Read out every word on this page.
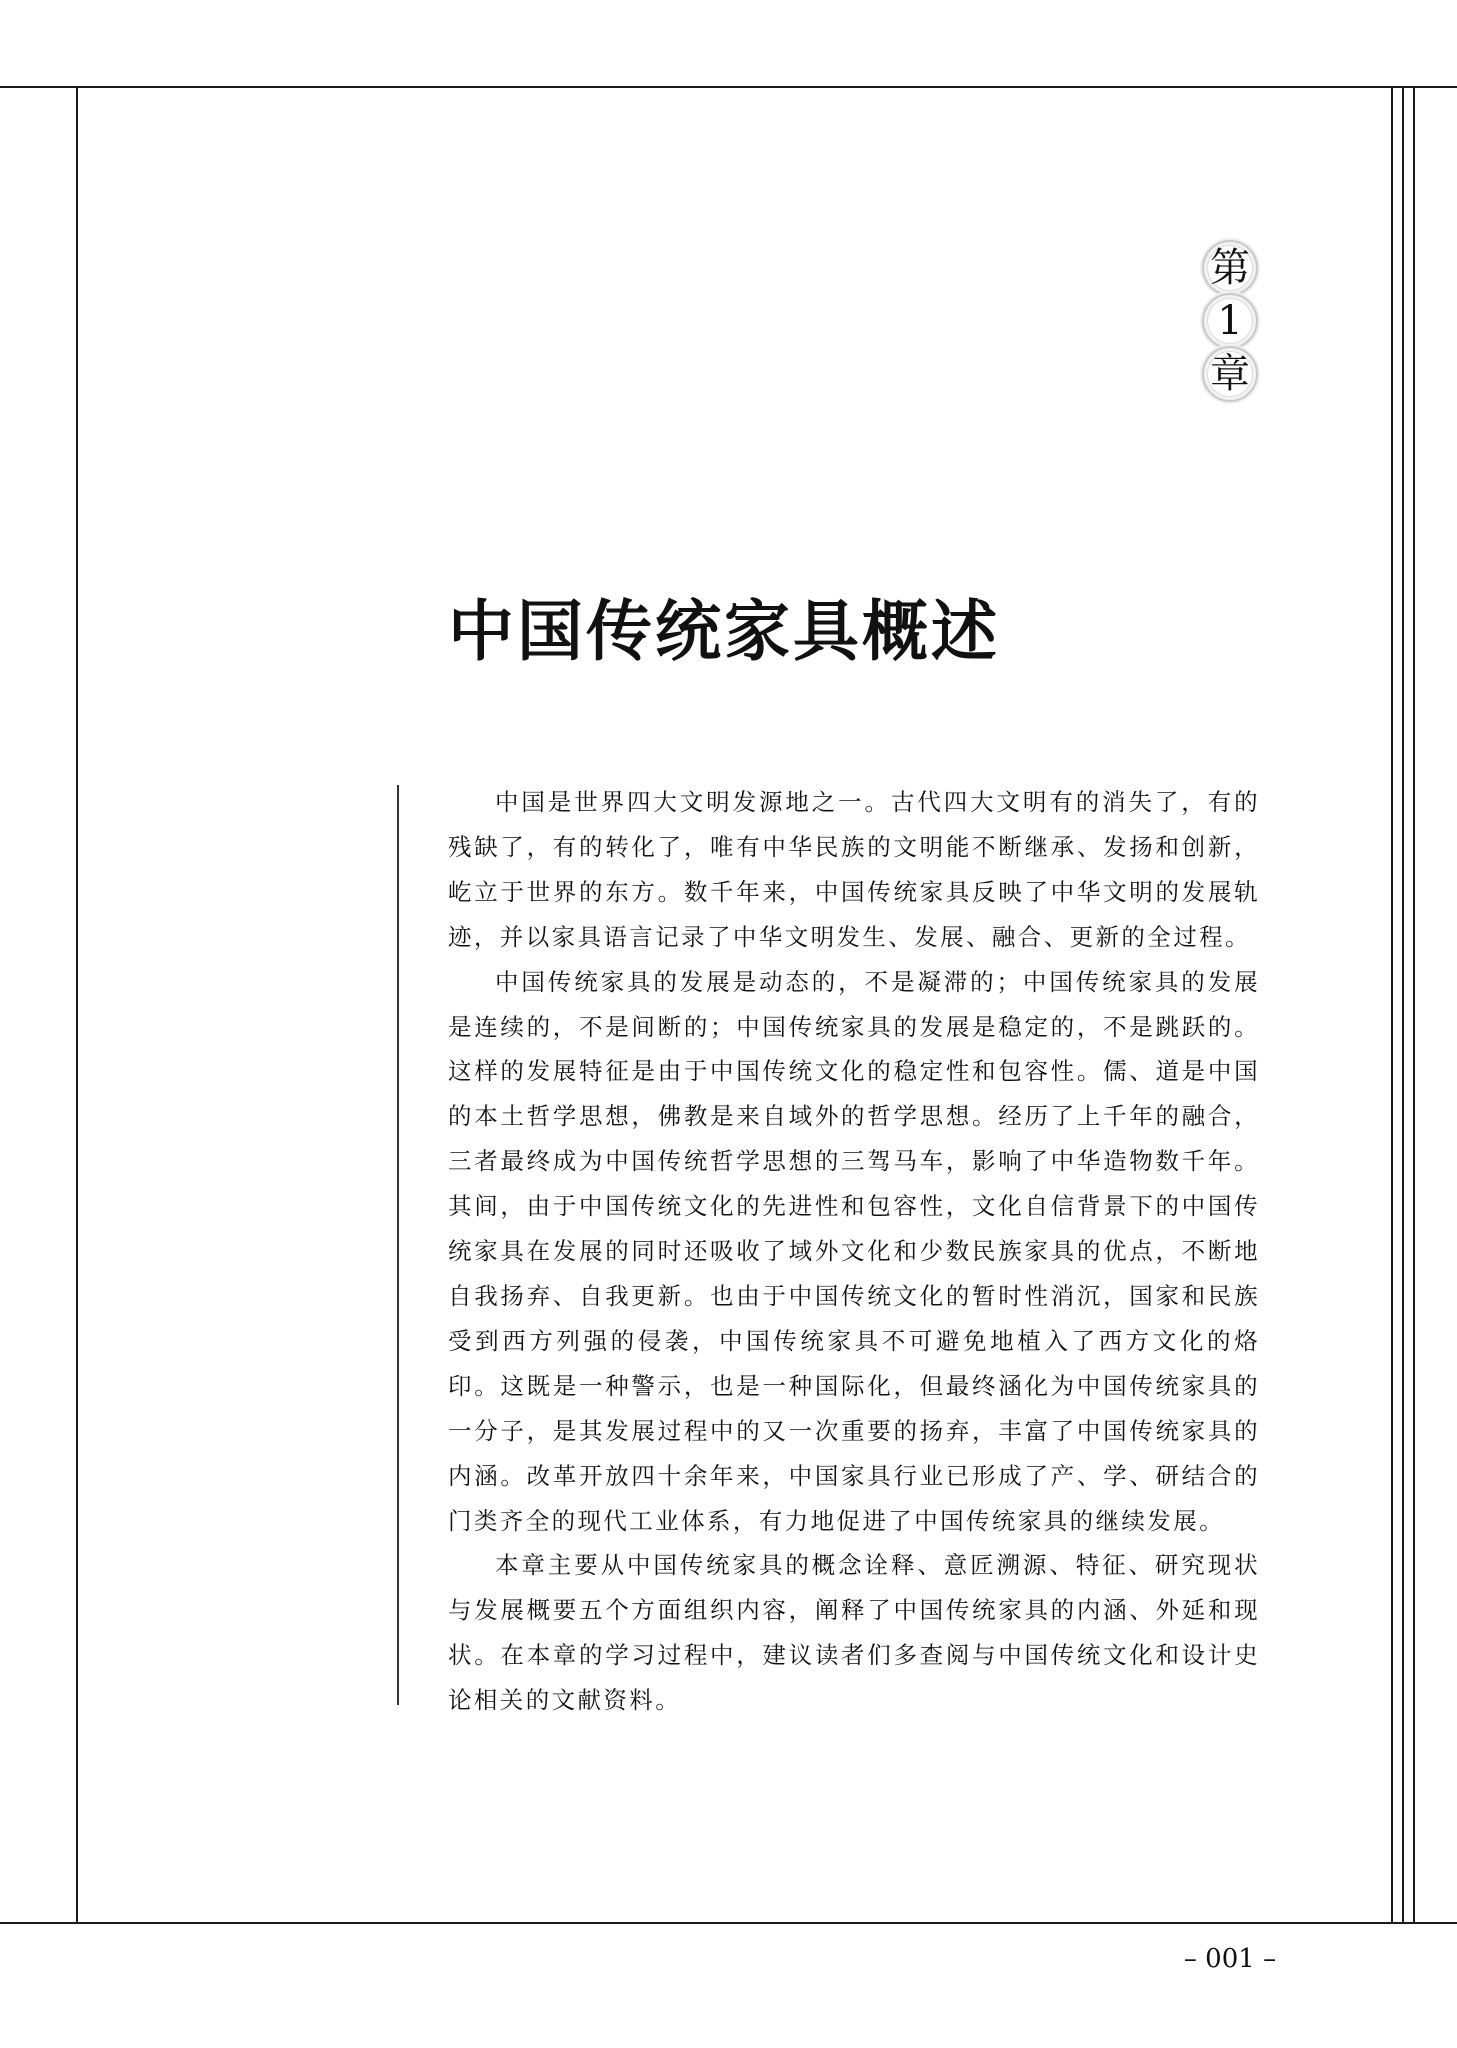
第
1
章
中国传统家具概述

中国是世界四大文明发源地之一。古代四大文明有的消失了，有的残缺了，有的转化了，唯有中华民族的文明能不断继承、发扬和创新，屹立于世界的东方。数千年来，中国传统家具反映了中华文明的发展轨迹，并以家具语言记录了中华文明发生、发展、融合、更新的全过程。

中国传统家具的发展是动态的，不是凝滞的；中国传统家具的发展是连续的，不是间断的；中国传统家具的发展是稳定的，不是跳跃的。这样的发展特征是由于中国传统文化的稳定性和包容性。儒、道是中国的本土哲学思想，佛教是来自域外的哲学思想。经历了上千年的融合，三者最终成为中国传统哲学思想的三驾马车，影响了中华造物数千年。其间，由于中国传统文化的先进性和包容性，文化自信背景下的中国传统家具在发展的同时还吸收了域外文化和少数民族家具的优点，不断地自我扬弃、自我更新。也由于中国传统文化的暂时性消沉，国家和民族受到西方列强的侵袭，中国传统家具不可避免地植入了西方文化的烙印。这既是一种警示，也是一种国际化，但最终涵化为中国传统家具的一分子，是其发展过程中的又一次重要的扬弃，丰富了中国传统家具的内涵。改革开放四十余年来，中国家具行业已形成了产、学、研结合的门类齐全的现代工业体系，有力地促进了中国传统家具的继续发展。

本章主要从中国传统家具的概念诠释、意匠溯源、特征、研究现状与发展概要五个方面组织内容，阐释了中国传统家具的内涵、外延和现状。在本章的学习过程中，建议读者们多查阅与中国传统文化和设计史论相关的文献资料。

– 001 –
